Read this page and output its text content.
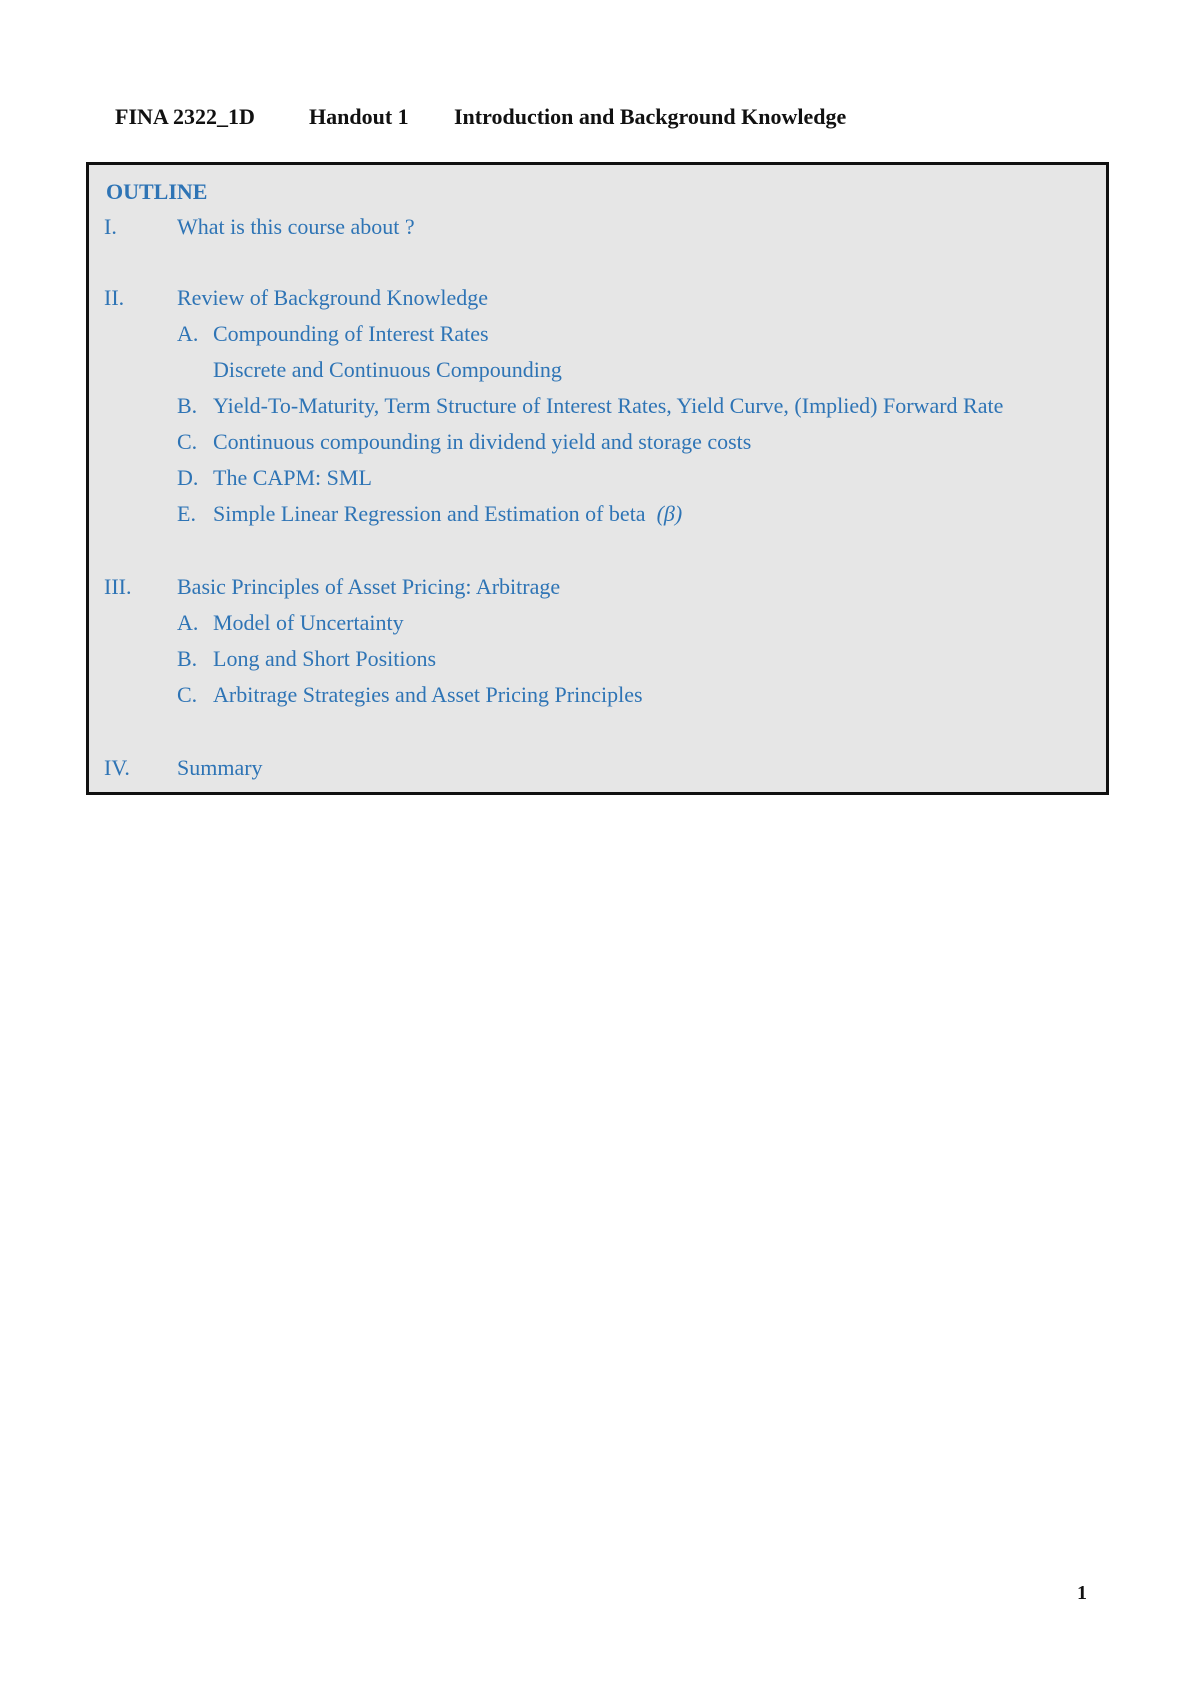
FINA 2322_1D Handout 1 Introduction and Background Knowledge
OUTLINE
I.	What is this course about ?
II.	Review of Background Knowledge
A. Compounding of Interest Rates
Discrete and Continuous Compounding
B. Yield-To-Maturity, Term Structure of Interest Rates, Yield Curve, (Implied) Forward Rate
C. Continuous compounding in dividend yield and storage costs
D. The CAPM: SML
E. Simple Linear Regression and Estimation of beta (β)
III.	Basic Principles of Asset Pricing: Arbitrage
A. Model of Uncertainty
B. Long and Short Positions
C. Arbitrage Strategies and Asset Pricing Principles
IV.	Summary
1
